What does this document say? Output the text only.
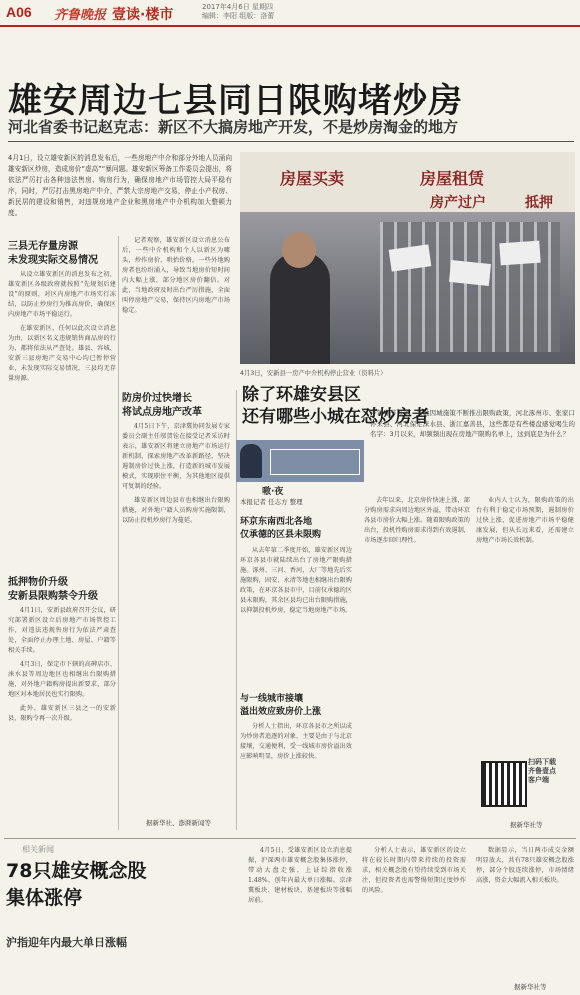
A06 齐鲁晚报 壹读·楼市	2017年4月6日 星期四
编辑：李阳 组版：洛蕾
雄安周边七县同日限购堵炒房
河北省委书记赵克志：新区不大搞房地产开发，不是炒房淘金的地方
4月1日，设立雄安新区的消息发布后，一些房地产中介和部分外地人员涌向雄安新区炒房，造成房价“虚高”“暴问题。雄安新区筹备工作委员会提出，将依法严厉打击各种违法售房、购房行为，确保房地产市场管控大局平稳有序，同时，严厉打击黑房地产中介，严禁大宗房地产交易，停止小产权房、新民居的建设和销售，对违规房地产企业和黑房地产中介机构加大整顿力度。
房屋买卖	房屋租赁
房产过户	抵押
4月3日，安新县一房产中介机构停止营业（资料片）
三县无存量房源
未发现实际交易情况

从设立雄安新区的消息发布之初，雄安新区各级政府就按照“先规划后建设”的原则，对区内房地产市场实行冻结，以防止炒房行为推高房价，确保区内房地产市场平稳运行。

在雄安新区，任何以此次设立消息为由，以新区名义违规销售商品房的行为，都将依法从严查处。雄县、容城、安新三县房地产交易中心均已暂停营业，未发现实际交易情况，三县均无存量房源。

抵押物价升级
安新县限购禁令升级

4月1日，安新县政府召开会议，研究部署新区设立后房地产市场管控工作，对违法违规售房行为依法严肃查处，全面停止办理土地、房屋、户籍等相关手续。

4月3日，保定市下辖的高碑店市、涞水县等周边地区也相继出台限购措施，对外地户籍购房提出新要求，部分地区对本地居民也实行限购。

此外，雄安新区三县之一的安新县，限购令再一次升级。

记者观察，雄安新区设立消息公布后，一些中介机构和个人以新区为噱头，炒作房价、哄抬价格，一些外地购房者也纷纷涌入，导致当地房价短时间内大幅上涨，部分地区房价翻倍。对此，当地政府及时出台严厉措施，全面叫停房地产交易，保持区内房地产市场稳定。

防房价过快增长
将试点房地产改革

4月5日下午，京津冀协同发展专家委员会副主任邬贺铨在接受记者采访时表示，雄安新区将建立房地产市场运行新机制，探索房地产改革新路径，坚决遏制房价过快上涨，打造新的城市发展模式，实现职住平衡，为其他地区提供可复制的经验。

雄安新区周边县市也相继出台限购措施，对外地户籍人员购房实施限制，以防止投机炒房行为蔓延。

据新华社、澎湃新闻等
除了环雄安县区
还有哪些小城在怼炒房者
今年春节以来，各地因城施策不断推出限购政策，河北涿州市、张家口怀来县、河北保定涞水县、浙江嘉善县，这些都是有些楼盘感觉喝生的名字：3月以来，却频频出现在房地产限购名单上，这到底是为什么？
嗷·夜
本报记者 任志方 整理
环京东南西北各地
仅承德的区县未限购
从去年第二季度开始，雄安新区周边环京各县市就陆续出台了房地产限购措施。涿州、三河、香河、大厂等地先后实施限购，固安、永清等地也相继出台限购政策，在环京各县市中，目前仅承德的区县未限购，其余区县均已出台限购措施，以抑制投机炒房，稳定当地房地产市场。
与一线城市接壤
溢出效应致房价上涨
分析人士指出，环京各县市之所以成为炒房者追逐的对象，主要是由于与北京接壤，交通便利，受一线城市房价溢出效应影响明显，房价上涨较快。
去年以来，北京房价快速上涨，部分购房需求向周边地区外溢，带动环京各县市房价大幅上涨。随着限购政策的出台，投机性购房需求得到有效遏制，市场逐步回归理性。
业内人士认为，限购政策的出台有利于稳定市场预期，遏制房价过快上涨，促进房地产市场平稳健康发展，但从长远来看，还需建立房地产市场长效机制。
扫码下载
齐鲁壹点
客户端
据新华社等
相关新闻
78只雄安概念股
集体涨停
沪指迎年内最大单日涨幅
4月5日，受雄安新区设立消息提振，沪深两市雄安概念股集体涨停，带动大盘走强，上证综指收涨1.48%，创年内最大单日涨幅。京津冀板块、建材板块、基建板块等涨幅居前。
分析人士表示，雄安新区的设立将在较长时期内带来持续的投资需求，相关概念股有望持续受到市场关注，但投资者也需警惕短期过度炒作的风险。
数据显示，当日两市成交金额明显放大，共有78只雄安概念股涨停，部分个股连续涨停，市场情绪高涨，资金大幅流入相关板块。
据新华社等
